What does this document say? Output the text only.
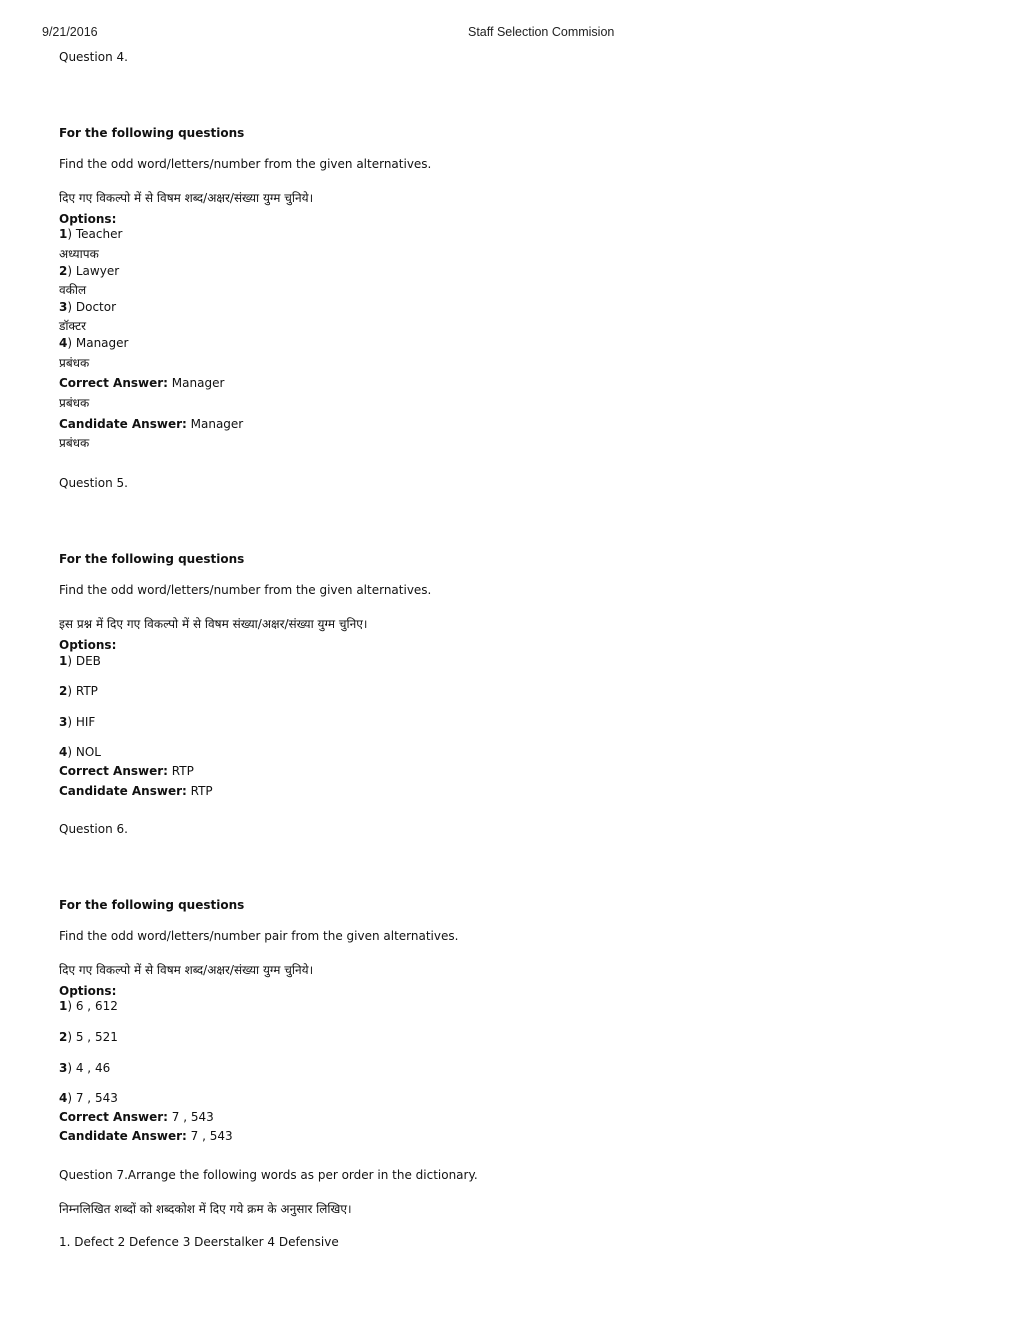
9/21/2016	Staff Selection Commision
Question 4.
For the following questions
Find the odd word/letters/number from the given alternatives.
दिए गए विकल्पो में से विषम शब्द/अक्षर/संख्या युग्म चुनिये।
Options:
1) Teacher
अध्यापक
2) Lawyer
वकील
3) Doctor
डॉक्टर
4) Manager
प्रबंधक
Correct Answer: Manager
प्रबंधक
Candidate Answer: Manager
प्रबंधक
Question 5.
For the following questions
Find the odd word/letters/number from the given alternatives.
इस प्रश्न में दिए गए विकल्पो में से विषम संख्या/अक्षर/संख्या युग्म चुनिए।
Options:
1) DEB
2) RTP
3) HIF
4) NOL
Correct Answer: RTP
Candidate Answer: RTP
Question 6.
For the following questions
Find the odd word/letters/number pair from the given alternatives.
दिए गए विकल्पो में से विषम शब्द/अक्षर/संख्या युग्म चुनिये।
Options:
1) 6 , 612
2) 5 , 521
3) 4 , 46
4) 7 , 543
Correct Answer: 7 , 543
Candidate Answer: 7 , 543
Question 7.Arrange the following words as per order in the dictionary.
निम्नलिखित शब्दों को शब्दकोश में दिए गये क्रम के अनुसार लिखिए।
1. Defect 2 Defence 3 Deerstalker 4 Defensive
